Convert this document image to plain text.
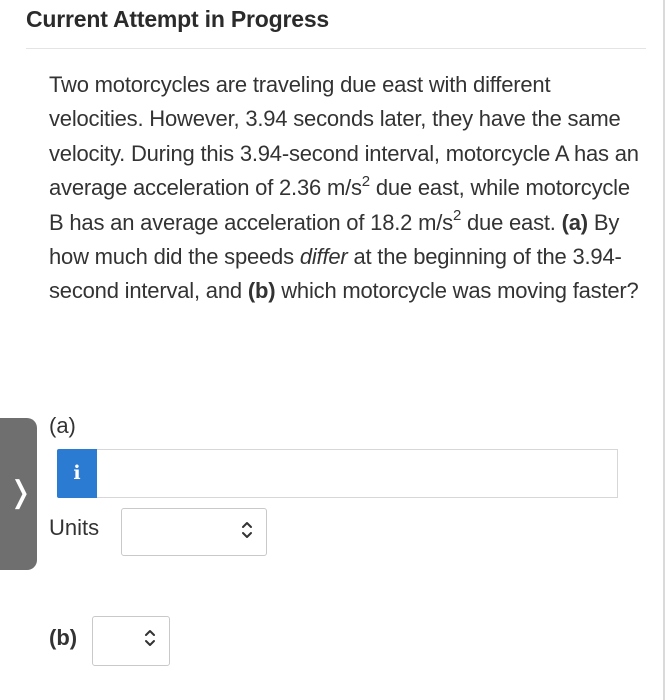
Current Attempt in Progress
Two motorcycles are traveling due east with different velocities. However, 3.94 seconds later, they have the same velocity. During this 3.94-second interval, motorcycle A has an average acceleration of 2.36 $m/s^2$ due east, while motorcycle B has an average acceleration of 18.2 $m/s^2$ due east. (a) By how much did the speeds differ at the beginning of the 3.94-second interval, and (b) which motorcycle was moving faster?
❭
(a)
i
Units
(b)
